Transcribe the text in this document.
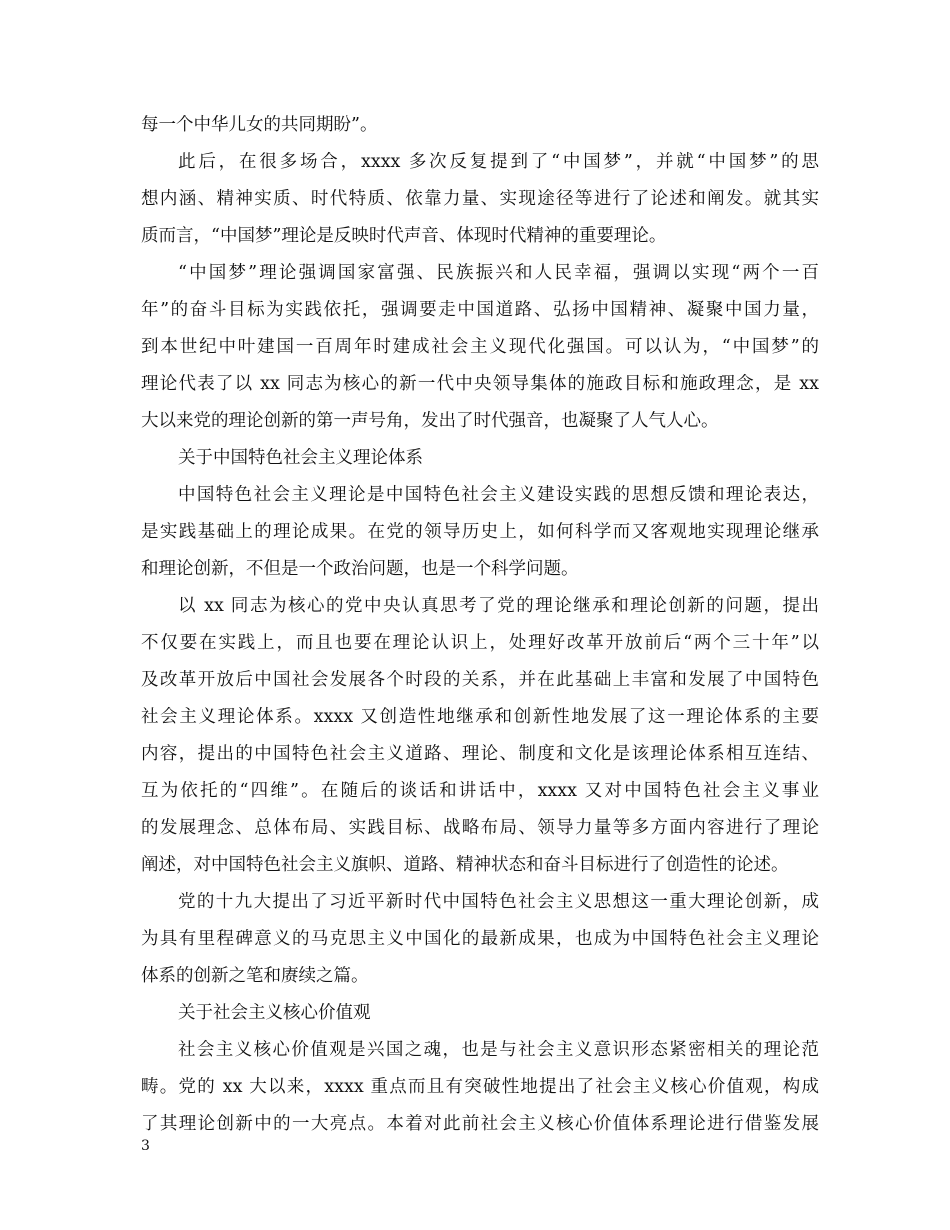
每一个中华儿女的共同期盼”。
此后，在很多场合，xxxx 多次反复提到了“中国梦”，并就“中国梦”的思
想内涵、精神实质、时代特质、依靠力量、实现途径等进行了论述和阐发。就其实
质而言，“中国梦”理论是反映时代声音、体现时代精神的重要理论。
“中国梦”理论强调国家富强、民族振兴和人民幸福，强调以实现“两个一百
年”的奋斗目标为实践依托，强调要走中国道路、弘扬中国精神、凝聚中国力量，
到本世纪中叶建国一百周年时建成社会主义现代化强国。可以认为，“中国梦”的
理论代表了以 xx 同志为核心的新一代中央领导集体的施政目标和施政理念，是 xx
大以来党的理论创新的第一声号角，发出了时代强音，也凝聚了人气人心。
关于中国特色社会主义理论体系
中国特色社会主义理论是中国特色社会主义建设实践的思想反馈和理论表达，
是实践基础上的理论成果。在党的领导历史上，如何科学而又客观地实现理论继承
和理论创新，不但是一个政治问题，也是一个科学问题。
以 xx 同志为核心的党中央认真思考了党的理论继承和理论创新的问题，提出
不仅要在实践上，而且也要在理论认识上，处理好改革开放前后“两个三十年”以
及改革开放后中国社会发展各个时段的关系，并在此基础上丰富和发展了中国特色
社会主义理论体系。xxxx 又创造性地继承和创新性地发展了这一理论体系的主要
内容，提出的中国特色社会主义道路、理论、制度和文化是该理论体系相互连结、
互为依托的“四维”。在随后的谈话和讲话中，xxxx 又对中国特色社会主义事业
的发展理念、总体布局、实践目标、战略布局、领导力量等多方面内容进行了理论
阐述，对中国特色社会主义旗帜、道路、精神状态和奋斗目标进行了创造性的论述。
党的十九大提出了习近平新时代中国特色社会主义思想这一重大理论创新，成
为具有里程碑意义的马克思主义中国化的最新成果，也成为中国特色社会主义理论
体系的创新之笔和赓续之篇。
关于社会主义核心价值观
社会主义核心价值观是兴国之魂，也是与社会主义意识形态紧密相关的理论范
畴。党的 xx 大以来，xxxx 重点而且有突破性地提出了社会主义核心价值观，构成
了其理论创新中的一大亮点。本着对此前社会主义核心价值体系理论进行借鉴发展
3
